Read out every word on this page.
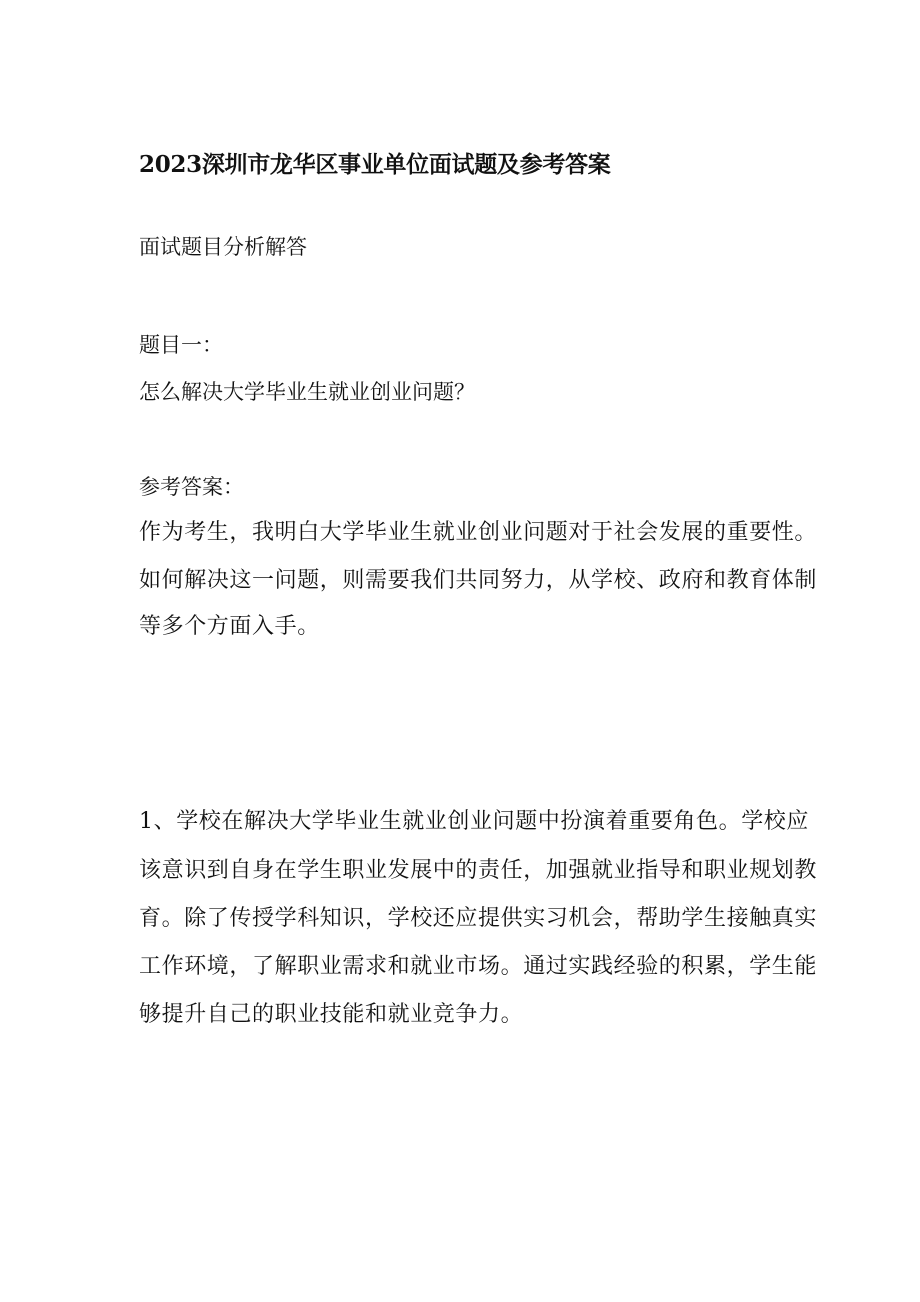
2023深圳市龙华区事业单位面试题及参考答案
面试题目分析解答
题目一：
怎么解决大学毕业生就业创业问题？
参考答案：
作为考生，我明白大学毕业生就业创业问题对于社会发展的重要性。
如何解决这一问题，则需要我们共同努力，从学校、政府和教育体制
等多个方面入手。
1、学校在解决大学毕业生就业创业问题中扮演着重要角色。学校应
该意识到自身在学生职业发展中的责任，加强就业指导和职业规划教
育。除了传授学科知识，学校还应提供实习机会，帮助学生接触真实
工作环境，了解职业需求和就业市场。通过实践经验的积累，学生能
够提升自己的职业技能和就业竞争力。
